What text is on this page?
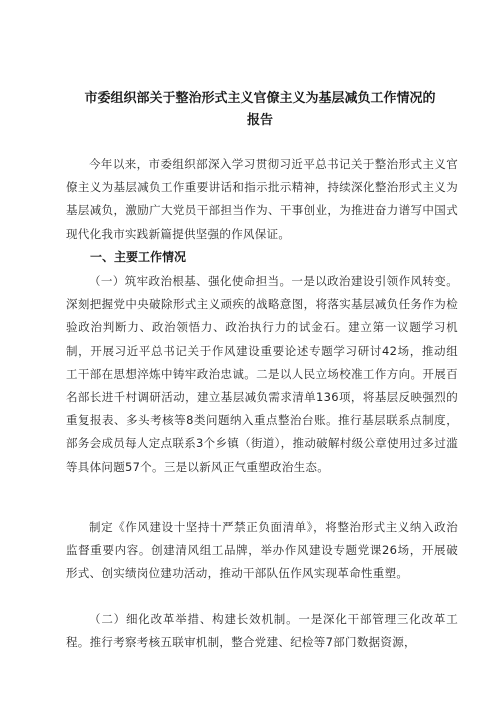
市委组织部关于整治形式主义官僚主义为基层减负工作情况的报告

今年以来，市委组织部深入学习贯彻习近平总书记关于整治形式主义官僚主义为基层减负工作重要讲话和指示批示精神，持续深化整治形式主义为基层减负，激励广大党员干部担当作为、干事创业，为推进奋力谱写中国式现代化我市实践新篇提供坚强的作风保证。

一、主要工作情况

（一）筑牢政治根基、强化使命担当。一是以政治建设引领作风转变。深刻把握党中央破除形式主义顽疾的战略意图，将落实基层减负任务作为检验政治判断力、政治领悟力、政治执行力的试金石。建立第一议题学习机制，开展习近平总书记关于作风建设重要论述专题学习研讨42场，推动组工干部在思想淬炼中铸牢政治忠诚。二是以人民立场校准工作方向。开展百名部长进千村调研活动，建立基层减负需求清单136项，将基层反映强烈的重复报表、多头考核等8类问题纳入重点整治台账。推行基层联系点制度，部务会成员每人定点联系3个乡镇（街道），推动破解村级公章使用过多过滥等具体问题57个。三是以新风正气重塑政治生态。

制定《作风建设十坚持十严禁正负面清单》，将整治形式主义纳入政治监督重要内容。创建清风组工品牌，举办作风建设专题党课26场，开展破形式、创实绩岗位建功活动，推动干部队伍作风实现革命性重塑。

（二）细化改革举措、构建长效机制。一是深化干部管理三化改革工程。推行考察考核五联审机制，整合党建、纪检等7部门数据资源，
